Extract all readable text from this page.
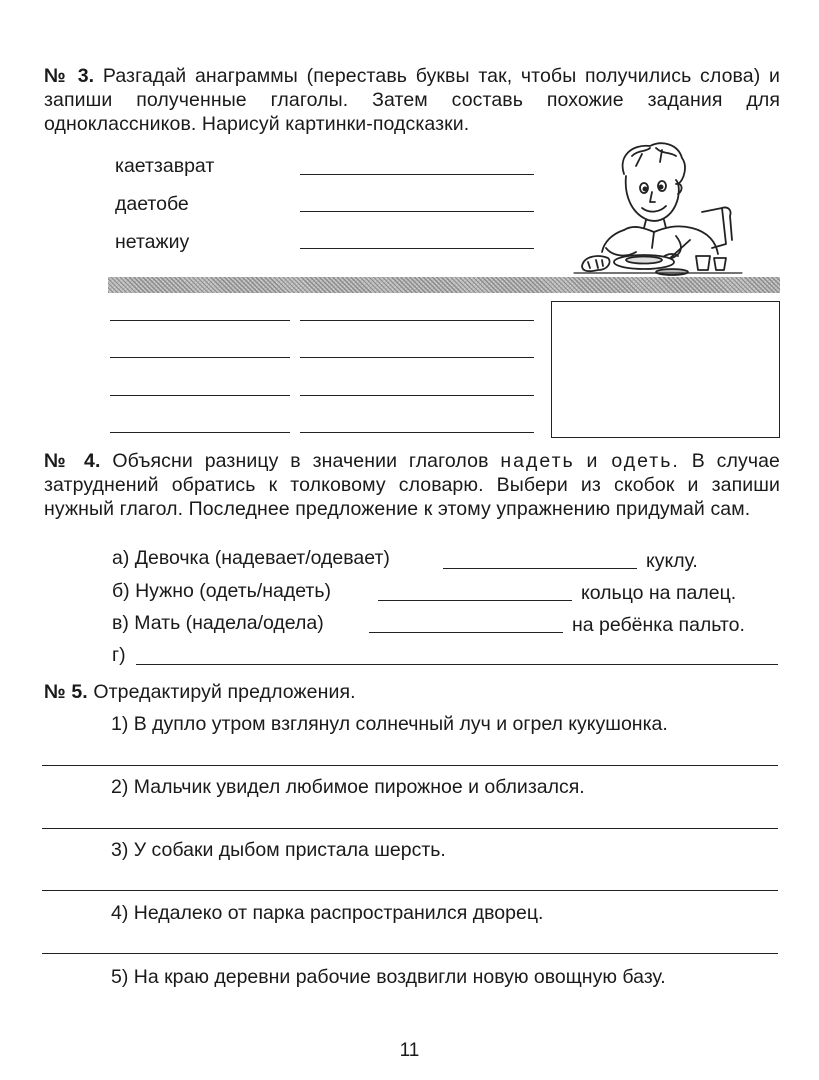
№ 3. Разгадай анаграммы (переставь буквы так, чтобы получились слова) и запиши полученные глаголы. Затем составь похожие задания для одноклассников. Нарисуй картинки-подсказки.
каетзаврат
даетобе
нетажиу
№ 4. Объясни разницу в значении глаголов надеть и одеть. В случае затруднений обратись к толковому словарю. Выбери из скобок и запиши нужный глагол. Последнее предложение к этому упражнению придумай сам.
а) Девочка (надевает/одевает)	куклу.
б) Нужно (одеть/надеть)	кольцо на палец.
в) Мать (надела/одела)	на ребёнка пальто.
г)
№ 5. Отредактируй предложения.
1) В дупло утром взглянул солнечный луч и огрел кукушонка.
2) Мальчик увидел любимое пирожное и облизался.
3) У собаки дыбом пристала шерсть.
4) Недалеко от парка распространился дворец.
5) На краю деревни рабочие воздвигли новую овощную базу.
11
